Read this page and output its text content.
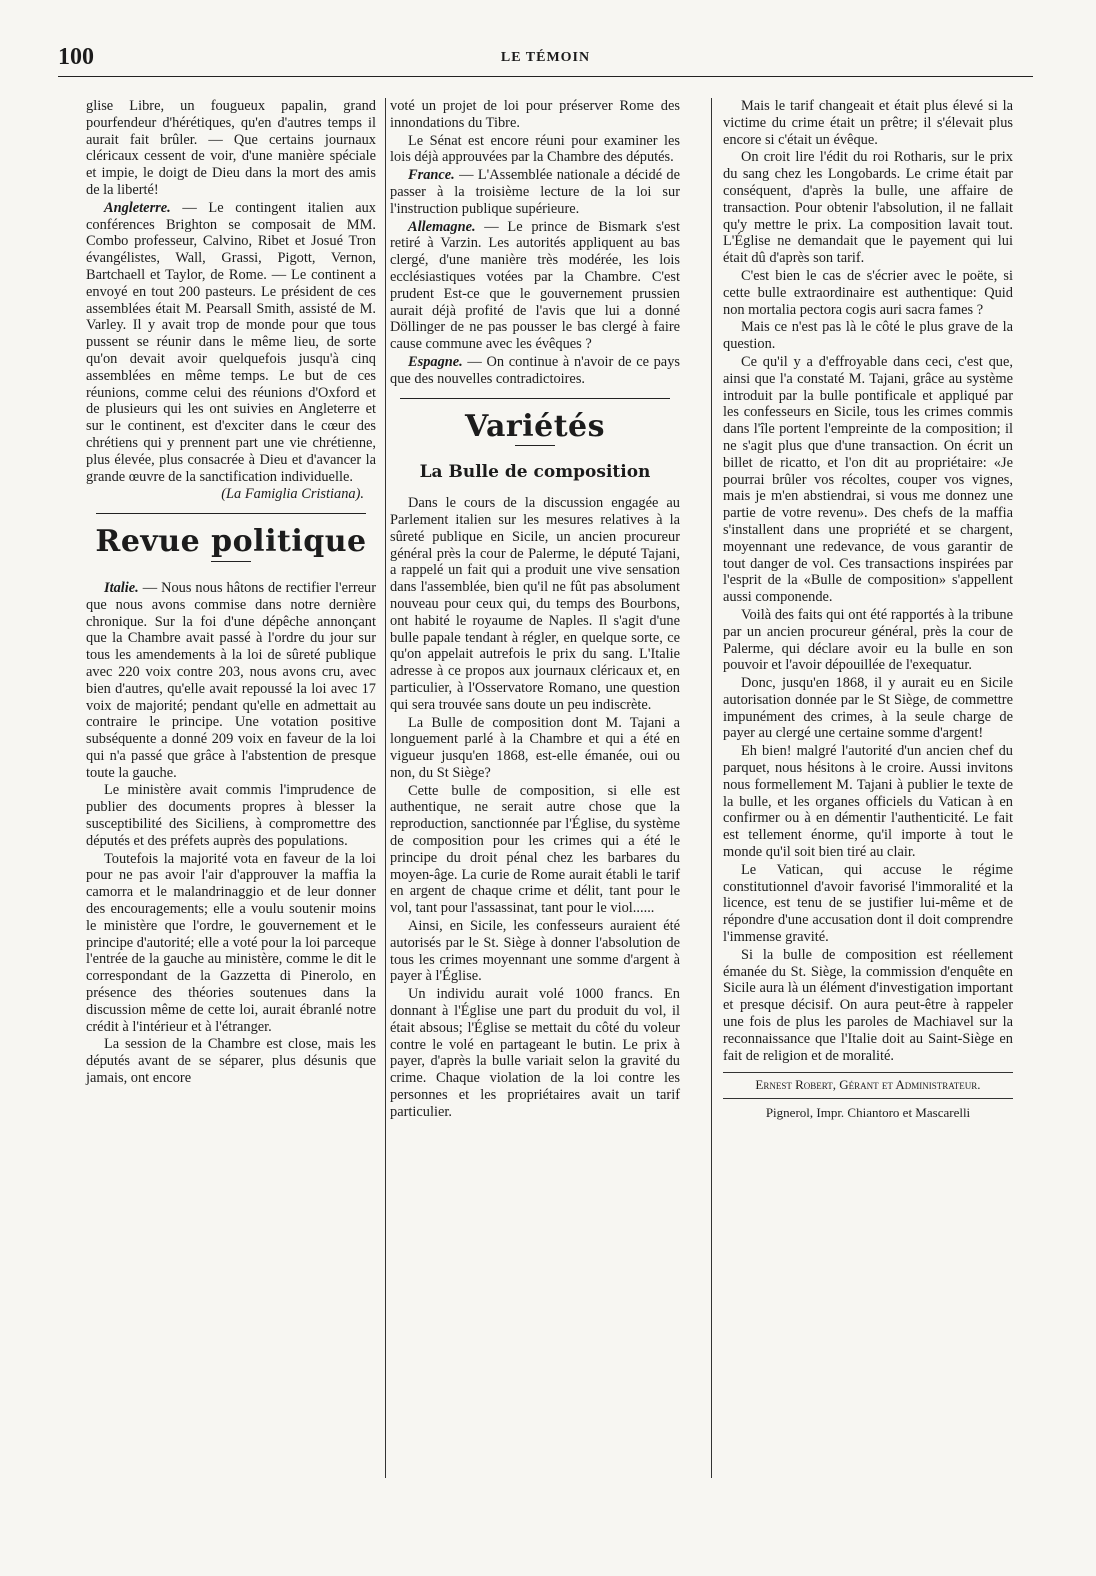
100	LE TÉMOIN

glise Libre, un fougueux papalin, grand pourfendeur d'hérétiques, qu'en d'autres temps il aurait fait brûler. — Que certains journaux cléricaux cessent de voir, d'une manière spéciale et impie, le doigt de Dieu dans la mort des amis de la liberté!

Angleterre. — Le contingent italien aux conférences Brighton se composait de MM. Combo professeur, Calvino, Ribet et Josué Tron évangélistes, Wall, Grassi, Pigott, Vernon, Bartchaell et Taylor, de Rome. — Le continent a envoyé en tout 200 pasteurs. Le président de ces assemblées était M. Pearsall Smith, assisté de M. Varley. Il y avait trop de monde pour que tous pussent se réunir dans le même lieu, de sorte qu'on devait avoir quelquefois jusqu'à cinq assemblées en même temps. Le but de ces réunions, comme celui des réunions d'Oxford et de plusieurs qui les ont suivies en Angleterre et sur le continent, est d'exciter dans le cœur des chrétiens qui y prennent part une vie chrétienne, plus élevée, plus consacrée à Dieu et d'avancer la grande œuvre de la sanctification individuelle.

(La Famiglia Cristiana).

Revue politique

Italie. — Nous nous hâtons de rectifier l'erreur que nous avons commise dans notre dernière chronique. Sur la foi d'une dépêche annonçant que la Chambre avait passé à l'ordre du jour sur tous les amendements à la loi de sûreté publique avec 220 voix contre 203, nous avons cru, avec bien d'autres, qu'elle avait repoussé la loi avec 17 voix de majorité; pendant qu'elle en admettait au contraire le principe. Une votation positive subséquente a donné 209 voix en faveur de la loi qui n'a passé que grâce à l'abstention de presque toute la gauche.

Le ministère avait commis l'imprudence de publier des documents propres à blesser la susceptibilité des Siciliens, à compromettre des députés et des préfets auprès des populations.

Toutefois la majorité vota en faveur de la loi pour ne pas avoir l'air d'approuver la maffia la camorra et le malandrinaggio et de leur donner des encouragements; elle a voulu soutenir moins le ministère que l'ordre, le gouvernement et le principe d'autorité; elle a voté pour la loi parceque l'entrée de la gauche au ministère, comme le dit le correspondant de la Gazzetta di Pinerolo, en présence des théories soutenues dans la discussion même de cette loi, aurait ébranlé notre crédit à l'intérieur et à l'étranger.

La session de la Chambre est close, mais les députés avant de se séparer, plus désunis que jamais, ont encore

voté un projet de loi pour préserver Rome des innondations du Tibre.

Le Sénat est encore réuni pour examiner les lois déjà approuvées par la Chambre des députés.

France. — L'Assemblée nationale a décidé de passer à la troisième lecture de la loi sur l'instruction publique supérieure.

Allemagne. — Le prince de Bismark s'est retiré à Varzin. Les autorités appliquent au bas clergé, d'une manière très modérée, les lois ecclésiastiques votées par la Chambre. C'est prudent Est-ce que le gouvernement prussien aurait déjà profité de l'avis que lui a donné Döllinger de ne pas pousser le bas clergé à faire cause commune avec les évêques ?

Espagne. — On continue à n'avoir de ce pays que des nouvelles contradictoires.

Variétés
La Bulle de composition

Dans le cours de la discussion engagée au Parlement italien sur les mesures relatives à la sûreté publique en Sicile, un ancien procureur général près la cour de Palerme, le député Tajani, a rappelé un fait qui a produit une vive sensation dans l'assemblée, bien qu'il ne fût pas absolument nouveau pour ceux qui, du temps des Bourbons, ont habité le royaume de Naples. Il s'agit d'une bulle papale tendant à régler, en quelque sorte, ce qu'on appelait autrefois le prix du sang. L'Italie adresse à ce propos aux journaux cléricaux et, en particulier, à l'Osservatore Romano, une question qui sera trouvée sans doute un peu indiscrète.

La Bulle de composition dont M. Tajani a longuement parlé à la Chambre et qui a été en vigueur jusqu'en 1868, est-elle émanée, oui ou non, du St Siège?

Cette bulle de composition, si elle est authentique, ne serait autre chose que la reproduction, sanctionnée par l'Église, du système de composition pour les crimes qui a été le principe du droit pénal chez les barbares du moyen-âge. La curie de Rome aurait établi le tarif en argent de chaque crime et délit, tant pour le vol, tant pour l'assassinat, tant pour le viol......

Ainsi, en Sicile, les confesseurs auraient été autorisés par le St. Siège à donner l'absolution de tous les crimes moyennant une somme d'argent à payer à l'Église.

Un individu aurait volé 1000 francs. En donnant à l'Église une part du produit du vol, il était absous; l'Église se mettait du côté du voleur contre le volé en partageant le butin. Le prix à payer, d'après la bulle variait selon la gravité du crime. Chaque violation de la loi contre les personnes et les propriétaires avait un tarif particulier.

Mais le tarif changeait et était plus élevé si la victime du crime était un prêtre; il s'élevait plus encore si c'était un évêque.

On croit lire l'édit du roi Rotharis, sur le prix du sang chez les Longobards. Le crime était par conséquent, d'après la bulle, une affaire de transaction. Pour obtenir l'absolution, il ne fallait qu'y mettre le prix. La composition lavait tout. L'Église ne demandait que le payement qui lui était dû d'après son tarif.

C'est bien le cas de s'écrier avec le poëte, si cette bulle extraordinaire est authentique: Quid non mortalia pectora cogis auri sacra fames ?

Mais ce n'est pas là le côté le plus grave de la question.

Ce qu'il y a d'effroyable dans ceci, c'est que, ainsi que l'a constaté M. Tajani, grâce au système introduit par la bulle pontificale et appliqué par les confesseurs en Sicile, tous les crimes commis dans l'île portent l'empreinte de la composition; il ne s'agit plus que d'une transaction. On écrit un billet de ricatto, et l'on dit au propriétaire: «Je pourrai brûler vos récoltes, couper vos vignes, mais je m'en abstiendrai, si vous me donnez une partie de votre revenu». Des chefs de la maffia s'installent dans une propriété et se chargent, moyennant une redevance, de vous garantir de tout danger de vol. Ces transactions inspirées par l'esprit de la «Bulle de composition» s'appellent aussi componende.

Voilà des faits qui ont été rapportés à la tribune par un ancien procureur général, près la cour de Palerme, qui déclare avoir eu la bulle en son pouvoir et l'avoir dépouillée de l'exequatur.

Donc, jusqu'en 1868, il y aurait eu en Sicile autorisation donnée par le St Siège, de commettre impunément des crimes, à la seule charge de payer au clergé une certaine somme d'argent!

Eh bien! malgré l'autorité d'un ancien chef du parquet, nous hésitons à le croire. Aussi invitons nous formellement M. Tajani à publier le texte de la bulle, et les organes officiels du Vatican à en confirmer ou à en démentir l'authenticité. Le fait est tellement énorme, qu'il importe à tout le monde qu'il soit bien tiré au clair.

Le Vatican, qui accuse le régime constitutionnel d'avoir favorisé l'immoralité et la licence, est tenu de se justifier lui-même et de répondre d'une accusation dont il doit comprendre l'immense gravité.

Si la bulle de composition est réellement émanée du St. Siège, la commission d'enquête en Sicile aura là un élément d'investigation important et presque décisif. On aura peut-être à rappeler une fois de plus les paroles de Machiavel sur la reconnaissance que l'Italie doit au Saint-Siège en fait de religion et de moralité.

Ernest Robert, Gérant et Administrateur.
Pignerol, Impr. Chiantoro et Mascarelli
